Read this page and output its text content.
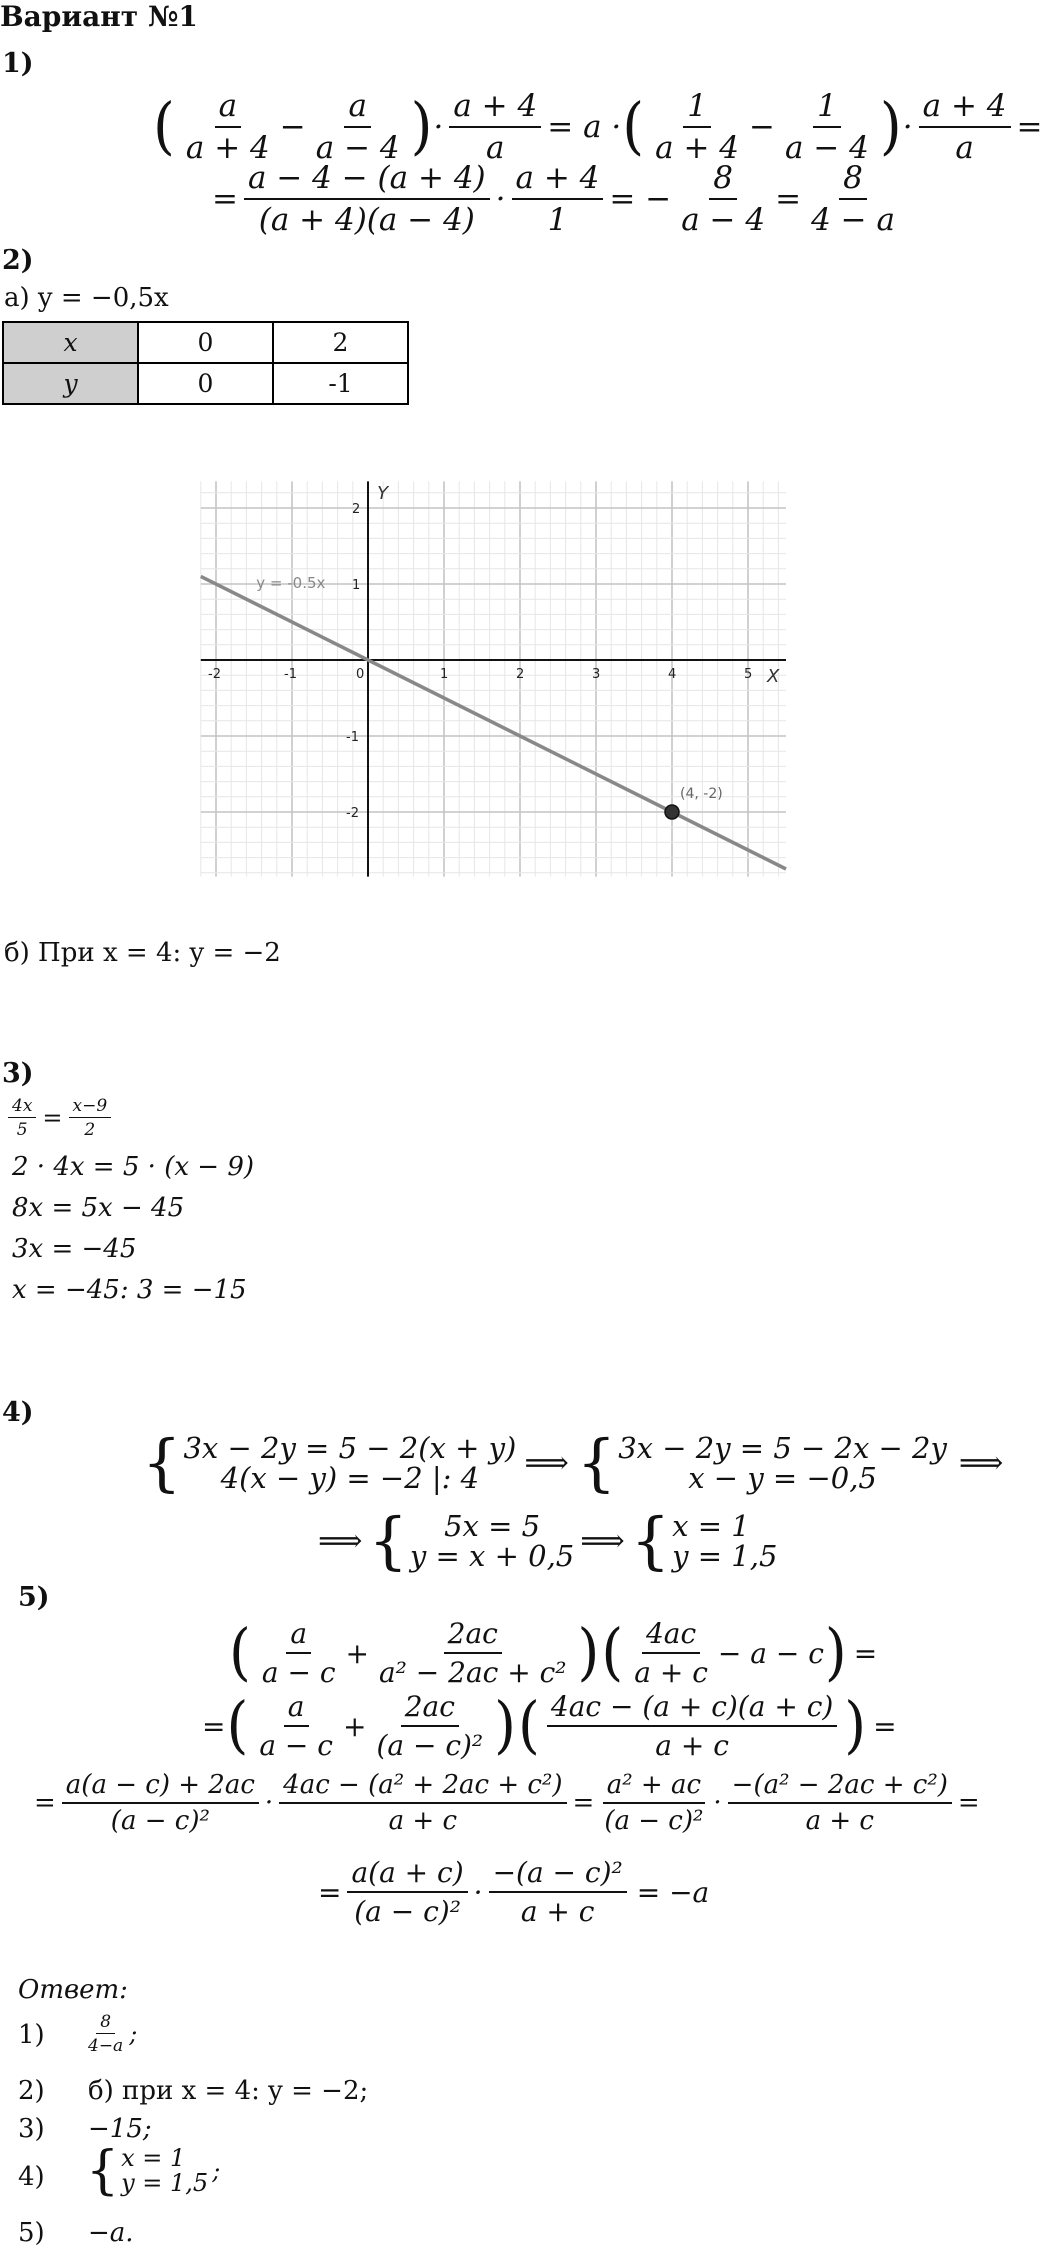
Вариант №1
1)
( a
a + 4
− $\frac{a}{a - 4}$ ) · $\frac{a + 4}{a} = a$ · ( 1
a + 4
− $\frac{1}{a - 4}$ ) · $\frac{a + 4}{a}$ =
= $\frac{a - 4 - (a + 4)}{(a + 4)(a - 4)} \cdot \frac{a + 4}{1}$ = − $\frac{8}{a - 4} = \frac{8}{4 - a}$
2)
а) y = −0,5x
x	0	2
y	0	-1
-2	-1	0	1	2	3	4	5
2
1
-1
-2
X
Y
y = -0.5x
(4, -2)
б) При x = 4: y = −2
3)
$\frac{4x}{5} = \frac{x-9}{2}$
2 · 4x = 5 · (x − 9)
8x = 5x − 45
3x = −45
x = −45: 3 = −15
4)
{ 3x − 2y = 5 − 2(x + y)
4(x − y) = −2 |: 4 ⟹ { 3x − 2y = 5 − 2x − 2y
x − y = −0,5	⟹
⟹ { 5x = 5
y = x + 0,5 ⟹ { x = 1
y = 1,5
5)
( a
a − c
+ $\frac{2ac}{\text{a² − 2ac + c²}}$ ) ( 4ac
a + c
− a − c ) =
= ( a
a − c
+ $\frac{2ac}{\text{(a − c)²}}$ ) ( 4ac − (a + c)(a + c)
a + c ) =
= $\frac{a(a - c) + 2ac}{\text{(a − c)²}} \cdot \frac{\text{4ac − (a² + 2ac + c²)}}{a + c} = \frac{\text{a² + ac}}{\text{(a − c)²}} \cdot \frac{\text{−(a² − 2ac + c²)}}{a + c}$ =
= $\frac{a(a + c)}{\text{(a − c)²}} \cdot \frac{\text{−(a − c)²}}{a + c} = -a$
Ответ:
1)	8
4−a ;
2) б) при x = 4: y = −2;
3) −15;
4) { x = 1
y = 1,5 ;
5) −a.
